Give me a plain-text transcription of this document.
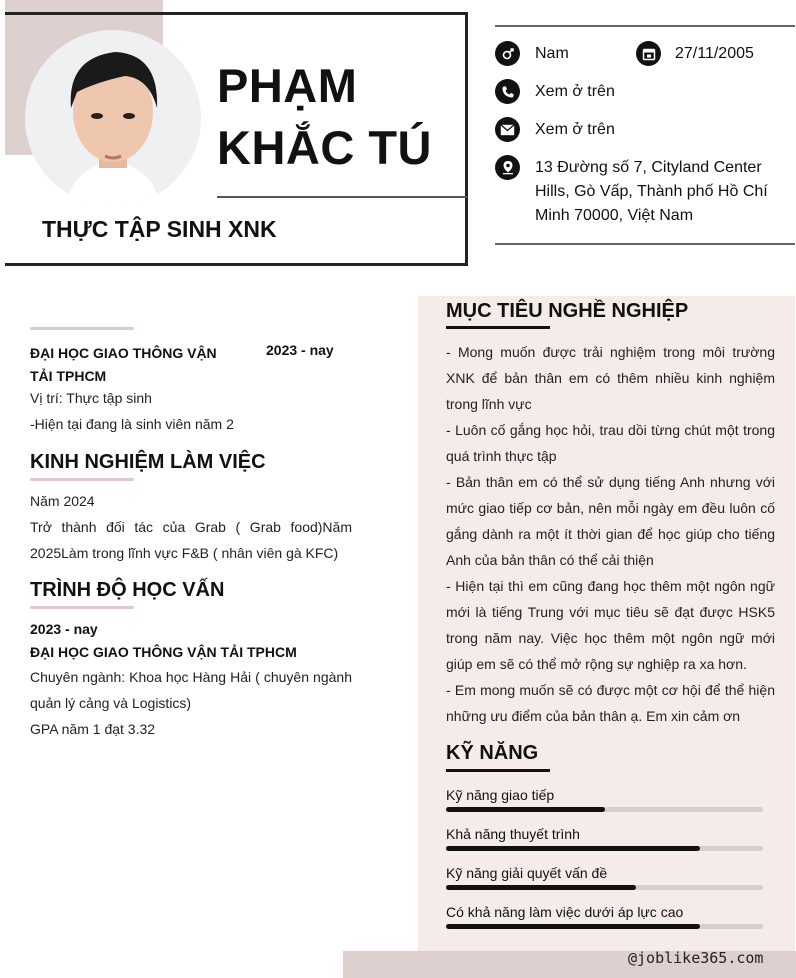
PHẠM
KHẮC TÚ
THỰC TẬP SINH XNK
Nam	27/11/2005
Xem ở trên
Xem ở trên
13 Đường số 7, Cityland Center Hills, Gò Vấp, Thành phố Hồ Chí Minh 70000, Việt Nam
ĐẠI HỌC GIAO THÔNG VẬN TẢI TPHCM
2023 - nay
Vị trí: Thực tập sinh
-Hiện tại đang là sinh viên năm 2
KINH NGHIỆM LÀM VIỆC
Năm 2024
Trở thành đối tác của Grab ( Grab food)Năm 2025Làm trong lĩnh vực F&B ( nhân viên gà KFC)
TRÌNH ĐỘ HỌC VẤN
2023 - nay
ĐẠI HỌC GIAO THÔNG VẬN TẢI TPHCM
Chuyên ngành: Khoa học Hàng Hải ( chuyên ngành quản lý cảng và Logistics)
GPA năm 1 đạt 3.32
MỤC TIÊU NGHỀ NGHIỆP
- Mong muốn được trải nghiệm trong môi trường XNK để bản thân em có thêm nhiều kinh nghiệm trong lĩnh vực
- Luôn cố gắng học hỏi, trau dồi từng chút một trong quá trình thực tập
- Bản thân em có thể sử dụng tiếng Anh nhưng với mức giao tiếp cơ bản, nên mỗi ngày em đều luôn cố gắng dành ra một ít thời gian để học giúp cho tiếng Anh của bản thân có thể cải thiện
- Hiện tại thì em cũng đang học thêm một ngôn ngữ mới là tiếng Trung với mục tiêu sẽ đạt được HSK5 trong năm nay. Việc học thêm một ngôn ngữ mới giúp em sẽ có thể mở rộng sự nghiệp ra xa hơn.
- Em mong muốn sẽ có được một cơ hội để thể hiện những ưu điểm của bản thân ạ. Em xin cảm ơn
KỸ NĂNG
Kỹ năng giao tiếp
Khả năng thuyết trình
Kỹ năng giải quyết vấn đề
Có khả năng làm việc dưới áp lực cao
@joblike365.com
